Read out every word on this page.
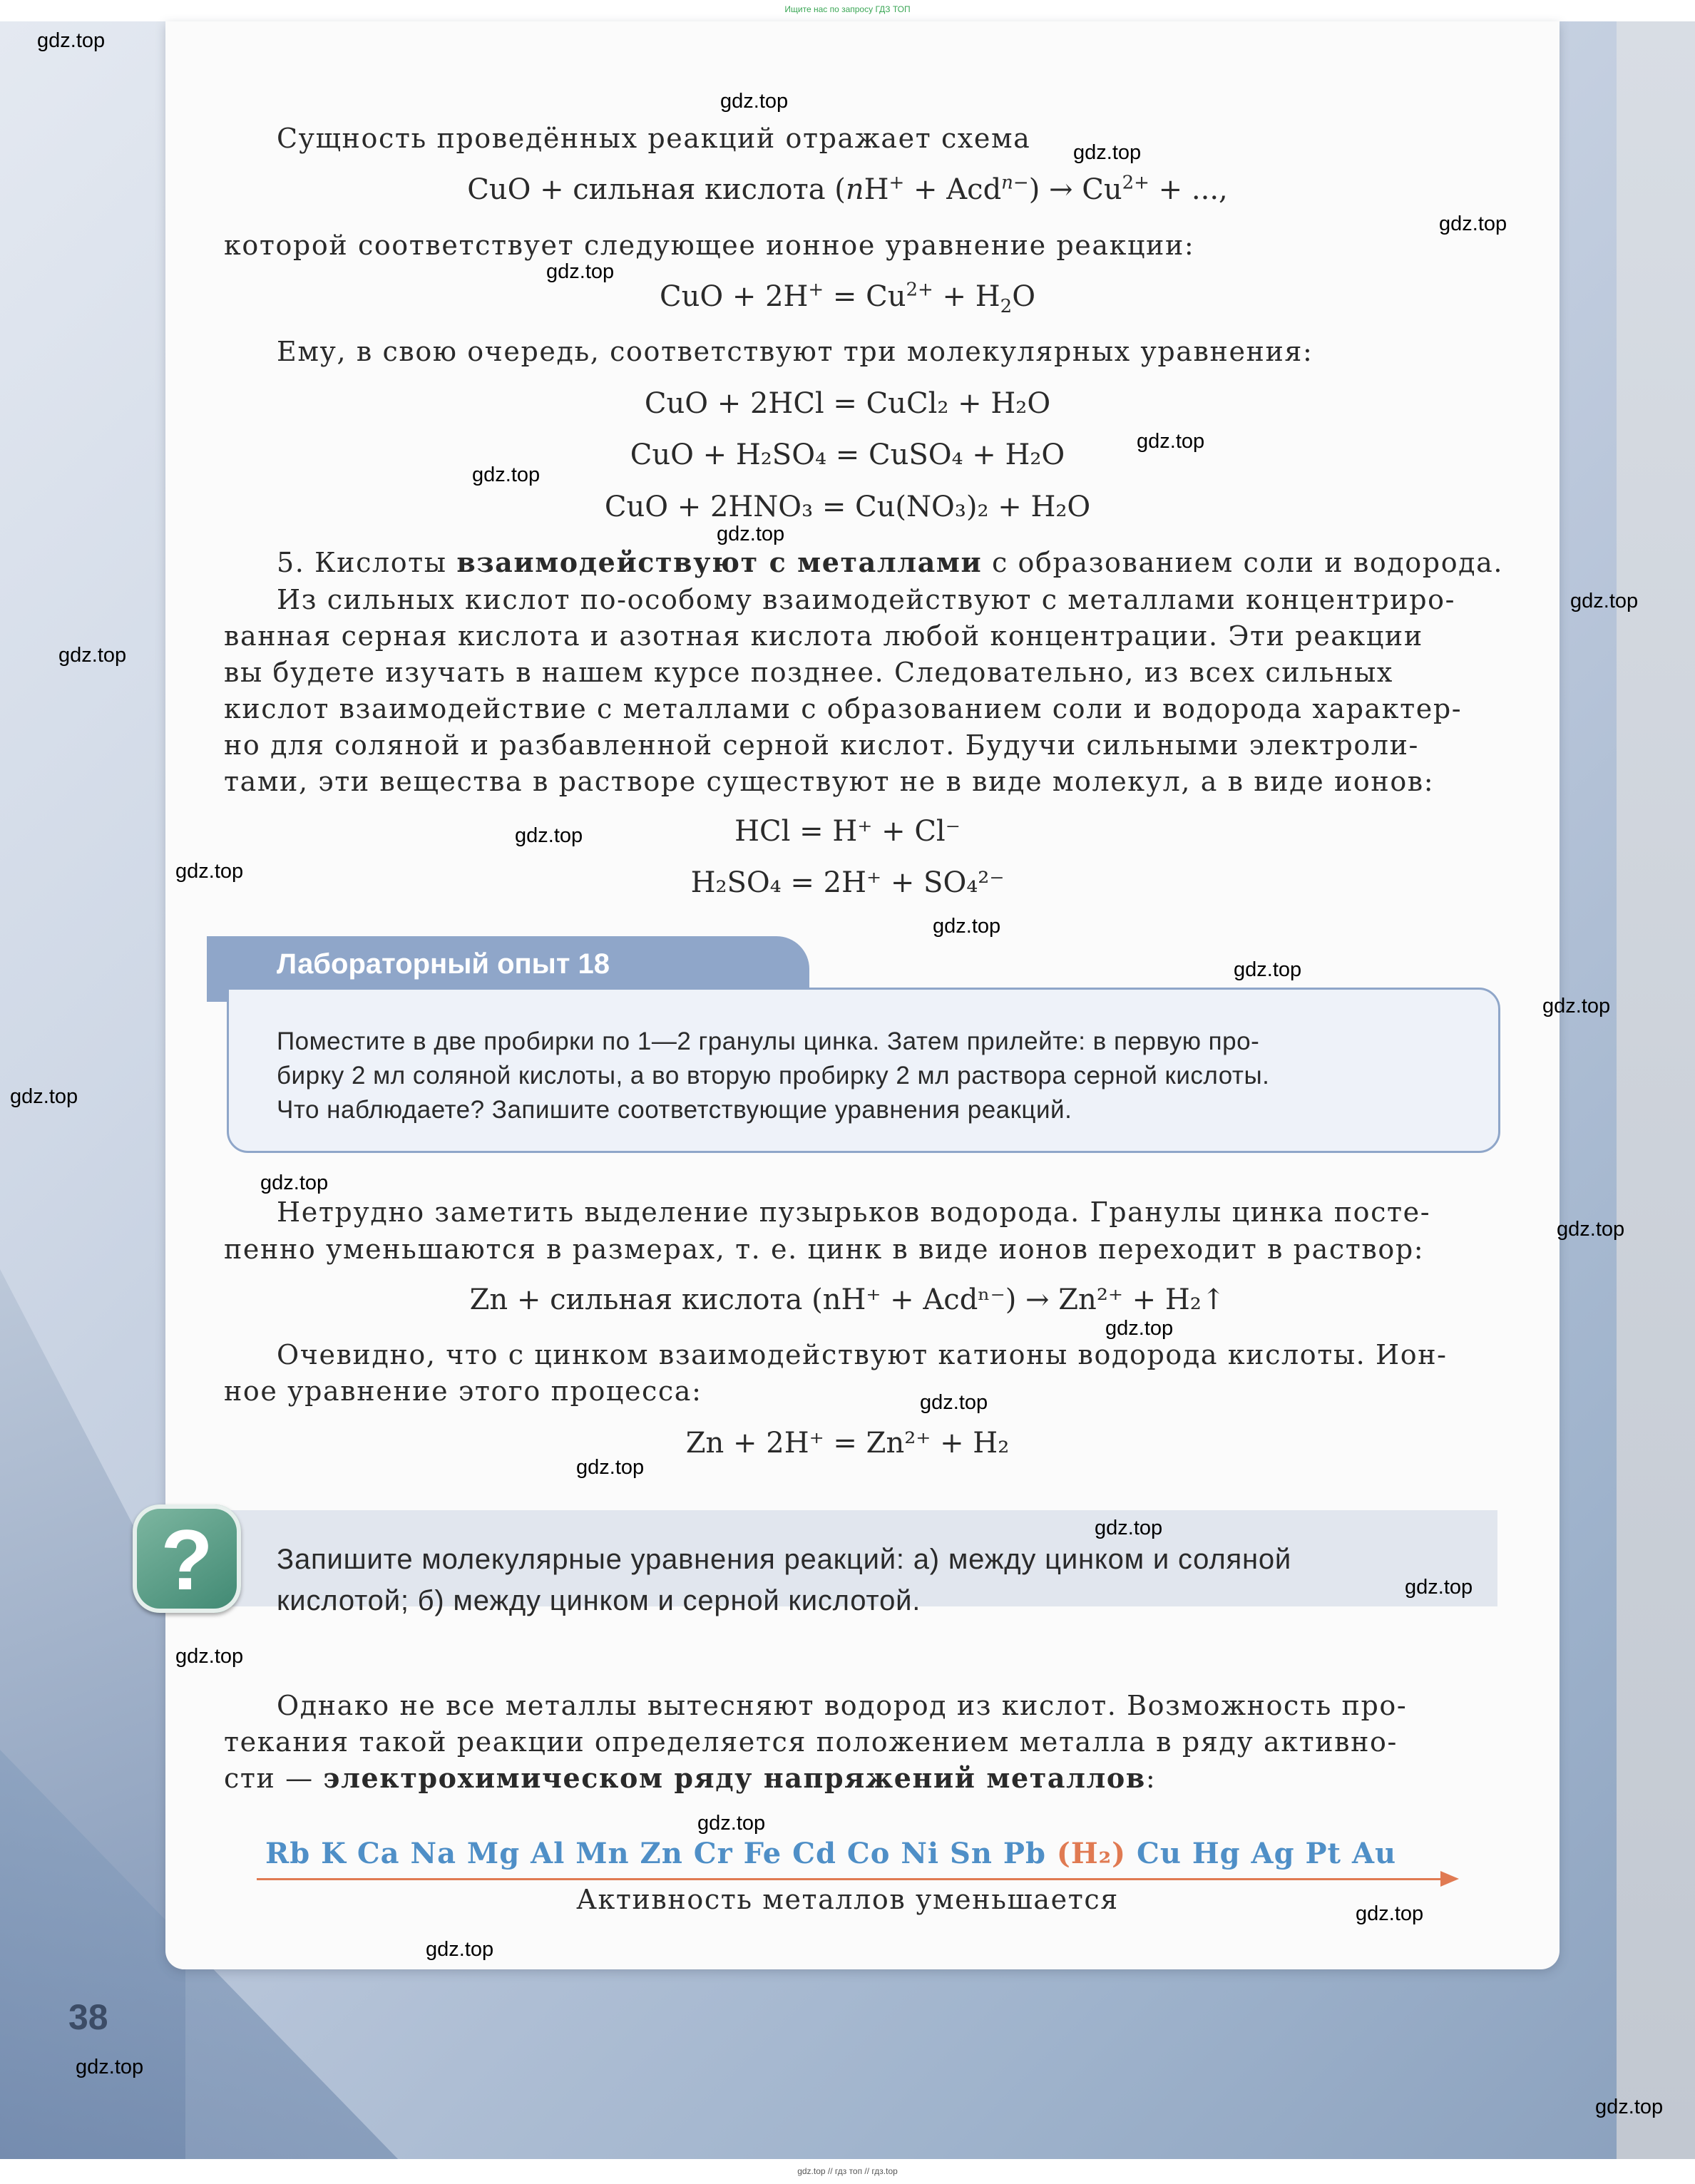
Ищите нас по запросу ГДЗ ТОП
Сущность проведённых реакций отражает схема
CuO + сильная кислота $(nH^+ + Acd^{n-}) \to Cu^{2+}$ + ...,
которой соответствует следующее ионное уравнение реакции:
CuO + $2H^+ = Cu^{2+} + H_2O$
Ему, в свою очередь, соответствуют три молекулярных уравнения:
CuO + 2HCl = CuCl₂ + H₂O
CuO + H₂SO₄ = CuSO₄ + H₂O
CuO + 2HNO₃ = Cu(NO₃)₂ + H₂O
5. Кислоты взаимодействуют с металлами с образованием соли и водорода.
Из сильных кислот по-особому взаимодействуют с металлами концентриро-
ванная серная кислота и азотная кислота любой концентрации. Эти реакции
вы будете изучать в нашем курсе позднее. Следовательно, из всех сильных
кислот взаимодействие с металлами с образованием соли и водорода характер-
но для соляной и разбавленной серной кислот. Будучи сильными электроли-
тами, эти вещества в растворе существуют не в виде молекул, а в виде ионов:
HCl = H⁺ + Cl⁻
H₂SO₄ = 2H⁺ + SO₄²⁻
Лабораторный опыт 18
Поместите в две пробирки по 1—2 гранулы цинка. Затем прилейте: в первую про-
бирку 2 мл соляной кислоты, а во вторую пробирку 2 мл раствора серной кислоты.
Что наблюдаете? Запишите соответствующие уравнения реакций.
Нетрудно заметить выделение пузырьков водорода. Гранулы цинка посте-
пенно уменьшаются в размерах, т. е. цинк в виде ионов переходит в раствор:
Zn + сильная кислота (nH⁺ + Acdⁿ⁻) → Zn²⁺ + H₂↑
Очевидно, что с цинком взаимодействуют катионы водорода кислоты. Ион-
ное уравнение этого процесса:
Zn + 2H⁺ = Zn²⁺ + H₂
?	Запишите молекулярные уравнения реакций: а) между цинком и соляной
кислотой; б) между цинком и серной кислотой.
Однако не все металлы вытесняют водород из кислот. Возможность про-
текания такой реакции определяется положением металла в ряду активно-
сти — электрохимическом ряду напряжений металлов:
Rb K Ca Na Mg Al Mn Zn Cr Fe Cd Co Ni Sn Pb (H₂) Cu Hg Ag Pt Au
Активность металлов уменьшается
38
gdz.top
gdz.top
gdz.top
gdz.top
gdz.top
gdz.top
gdz.top
gdz.top
gdz.top
gdz.top
gdz.top
gdz.top
gdz.top
gdz.top
gdz.top
gdz.top
gdz.top
gdz.top
gdz.top
gdz.top
gdz.top
gdz.top
gdz.top
gdz.top
gdz.top
gdz.top
gdz.top
gdz.top
gdz.top
gdz.top // гдз топ // гдз.top
